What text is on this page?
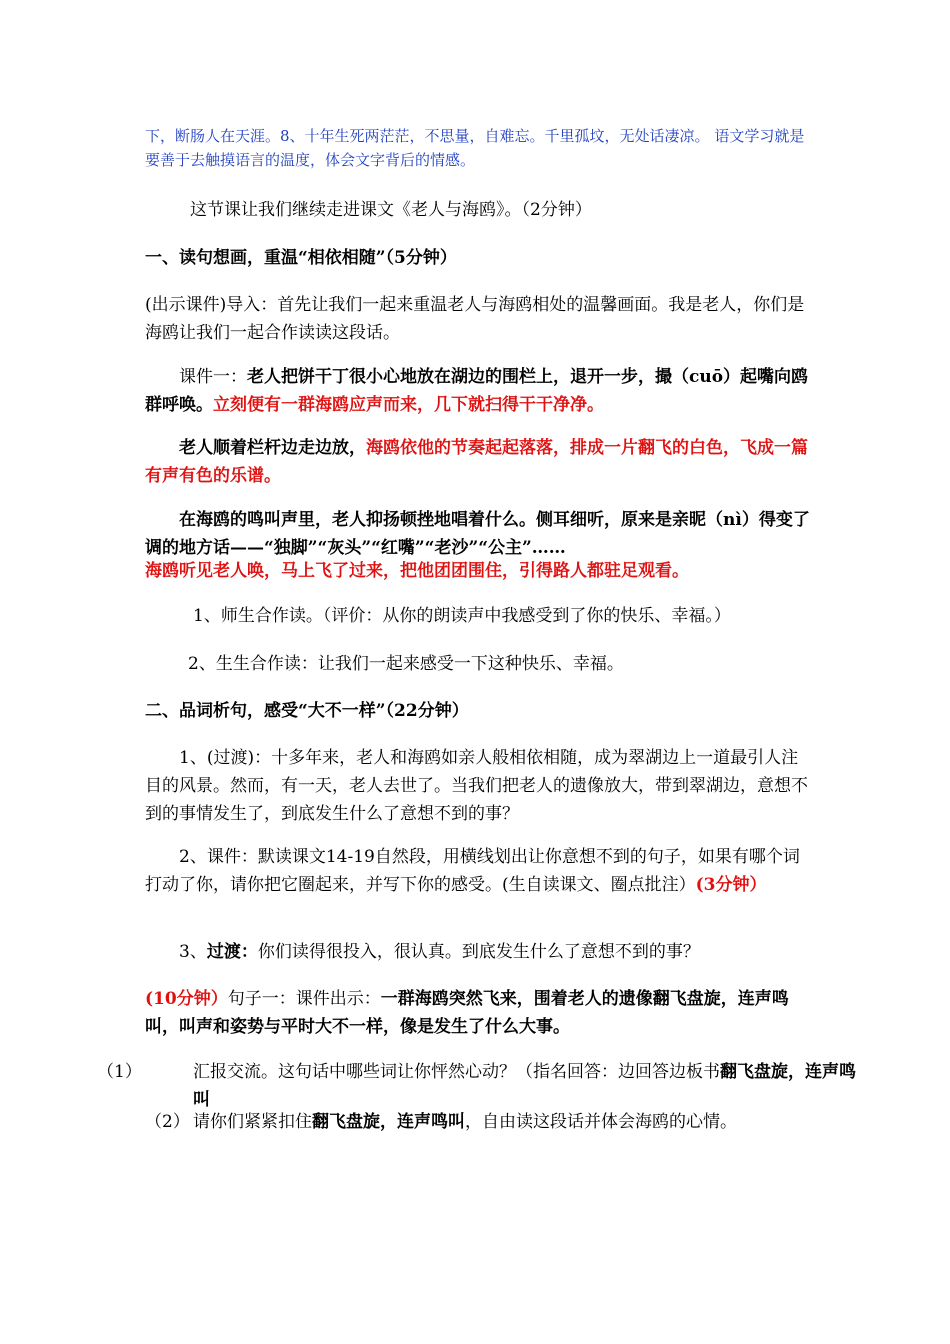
下，断肠人在天涯。8、十年生死两茫茫，不思量，自难忘。千里孤坟，无处话凄凉。 语文学习就是要善于去触摸语言的温度，体会文字背后的情感。

这节课让我们继续走进课文《老人与海鸥》。（2分钟）

一、读句想画，重温“相依相随”（5分钟）

(出示课件)导入：首先让我们一起来重温老人与海鸥相处的温馨画面。我是老人，你们是海鸥让我们一起合作读读这段话。

课件一：老人把饼干丁很小心地放在湖边的围栏上，退开一步，撮（cuō）起嘴向鸥群呼唤。立刻便有一群海鸥应声而来，几下就扫得干干净净。

老人顺着栏杆边走边放，海鸥依他的节奏起起落落，排成一片翻飞的白色，飞成一篇有声有色的乐谱。

在海鸥的鸣叫声里，老人抑扬顿挫地唱着什么。侧耳细听，原来是亲昵（nì）得变了调的地方话——“独脚”“灰头”“红嘴”“老沙”“公主”……

海鸥听见老人唤，马上飞了过来，把他团团围住，引得路人都驻足观看。

1、师生合作读。（评价：从你的朗读声中我感受到了你的快乐、幸福。）

2、生生合作读：让我们一起来感受一下这种快乐、幸福。

二、品词析句，感受“大不一样”（22分钟）

1、(过渡)：十多年来，老人和海鸥如亲人般相依相随，成为翠湖边上一道最引人注目的风景。然而，有一天，老人去世了。当我们把老人的遗像放大，带到翠湖边，意想不到的事情发生了，到底发生什么了意想不到的事？

2、课件：默读课文14-19自然段，用横线划出让你意想不到的句子，如果有哪个词打动了你，请你把它圈起来，并写下你的感受。(生自读课文、圈点批注）(3分钟）

3、过渡：你们读得很投入，很认真。到底发生什么了意想不到的事？

(10分钟）句子一：课件出示：一群海鸥突然飞来，围着老人的遗像翻飞盘旋，连声鸣叫，叫声和姿势与平时大不一样，像是发生了什么大事。

（1）	汇报交流。这句话中哪些词让你怦然心动？（指名回答：边回答边板书翻飞盘旋，连声鸣叫

（2） 请你们紧紧扣住翻飞盘旋，连声鸣叫，自由读这段话并体会海鸥的心情。
